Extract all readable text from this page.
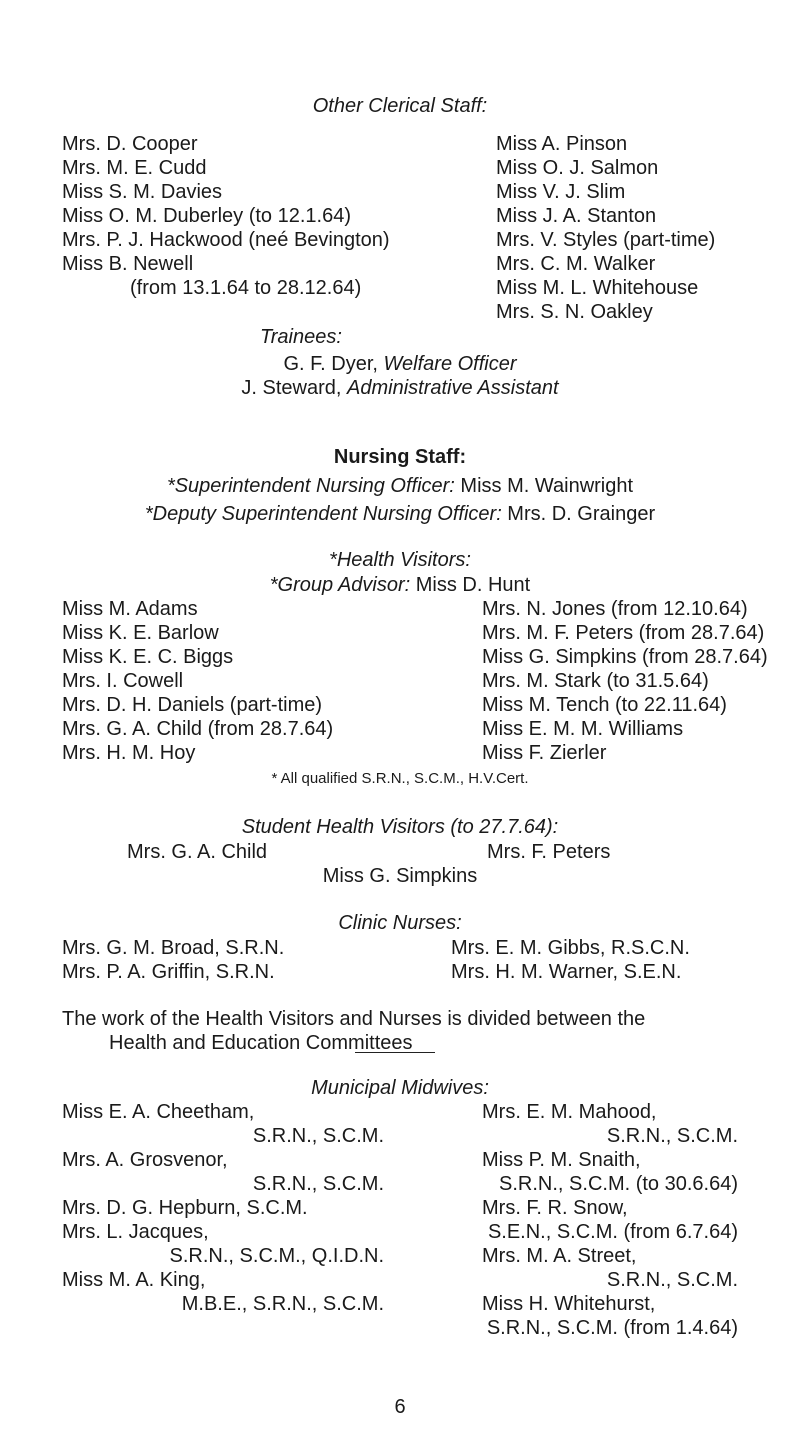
Other Clerical Staff:
Mrs. D. Cooper
Mrs. M. E. Cudd
Miss S. M. Davies
Miss O. M. Duberley (to 12.1.64)
Mrs. P. J. Hackwood (neé Bevington)
Miss B. Newell
(from 13.1.64 to 28.12.64)
Miss A. Pinson
Miss O. J. Salmon
Miss V. J. Slim
Miss J. A. Stanton
Mrs. V. Styles (part-time)
Mrs. C. M. Walker
Miss M. L. Whitehouse
Mrs. S. N. Oakley
Trainees:
G. F. Dyer, Welfare Officer
J. Steward, Administrative Assistant
Nursing Staff:
*Superintendent Nursing Officer: Miss M. Wainwright
*Deputy Superintendent Nursing Officer: Mrs. D. Grainger
*Health Visitors:
*Group Advisor: Miss D. Hunt
Miss M. Adams
Miss K. E. Barlow
Miss K. E. C. Biggs
Mrs. I. Cowell
Mrs. D. H. Daniels (part-time)
Mrs. G. A. Child (from 28.7.64)
Mrs. H. M. Hoy
Mrs. N. Jones (from 12.10.64)
Mrs. M. F. Peters (from 28.7.64)
Miss G. Simpkins (from 28.7.64)
Mrs. M. Stark (to 31.5.64)
Miss M. Tench (to 22.11.64)
Miss E. M. M. Williams
Miss F. Zierler
* All qualified S.R.N., S.C.M., H.V.Cert.
Student Health Visitors (to 27.7.64):
Mrs. G. A. Child	Mrs. F. Peters
Miss G. Simpkins
Clinic Nurses:
Mrs. G. M. Broad, S.R.N.
Mrs. P. A. Griffin, S.R.N.
Mrs. E. M. Gibbs, R.S.C.N.
Mrs. H. M. Warner, S.E.N.
The work of the Health Visitors and Nurses is divided between the
Health and Education Committees
Municipal Midwives:
Miss E. A. Cheetham,
S.R.N., S.C.M.
Mrs. A. Grosvenor,
S.R.N., S.C.M.
Mrs. D. G. Hepburn, S.C.M.
Mrs. L. Jacques,
S.R.N., S.C.M., Q.I.D.N.
Miss M. A. King,
M.B.E., S.R.N., S.C.M.
Mrs. E. M. Mahood,
S.R.N., S.C.M.
Miss P. M. Snaith,
S.R.N., S.C.M. (to 30.6.64)
Mrs. F. R. Snow,
S.E.N., S.C.M. (from 6.7.64)
Mrs. M. A. Street,
S.R.N., S.C.M.
Miss H. Whitehurst,
S.R.N., S.C.M. (from 1.4.64)
6
